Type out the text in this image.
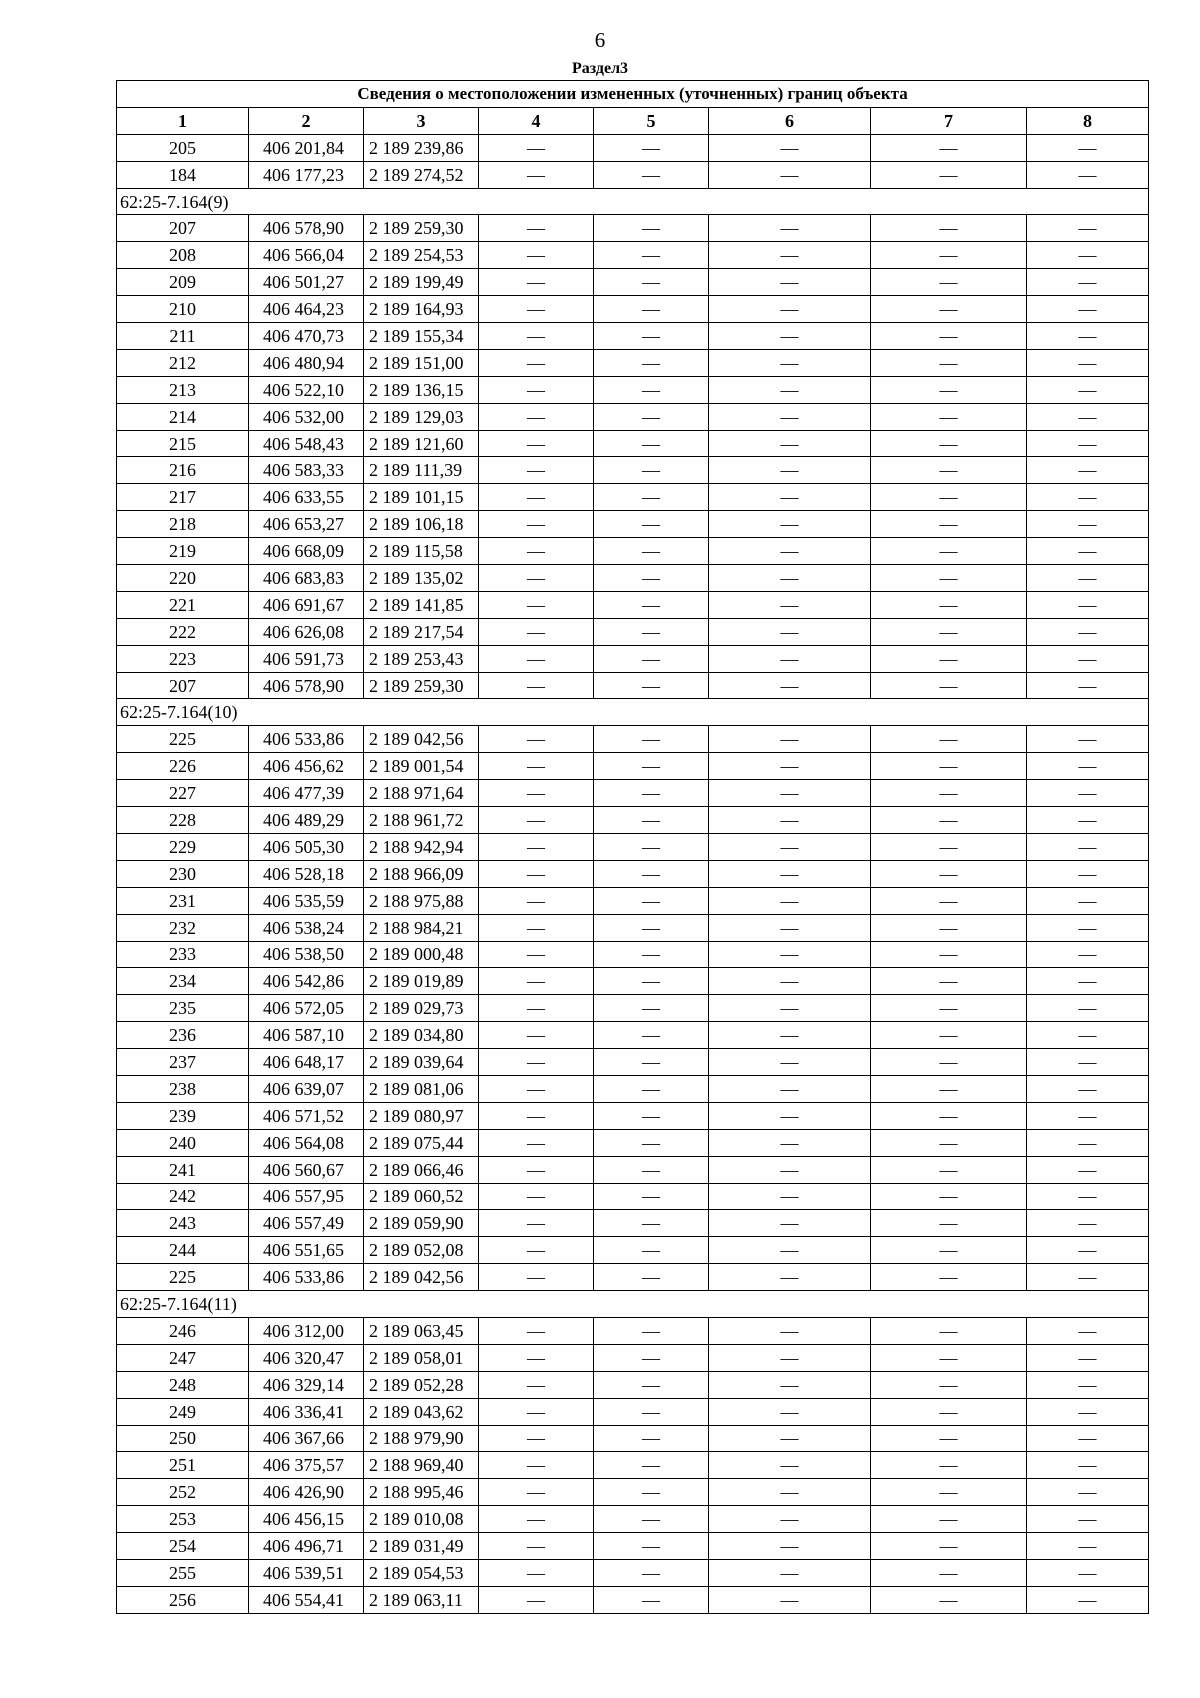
6
Раздел3
Сведения о местоположении измененных (уточненных) границ объекта							
1	2	3	4	5	6	7	8
205	406 201,84	2 189 239,86	—	—	—	—	—
184	406 177,23	2 189 274,52	—	—	—	—	—
62:25-7.164(9)							
207	406 578,90	2 189 259,30	—	—	—	—	—
208	406 566,04	2 189 254,53	—	—	—	—	—
209	406 501,27	2 189 199,49	—	—	—	—	—
210	406 464,23	2 189 164,93	—	—	—	—	—
211	406 470,73	2 189 155,34	—	—	—	—	—
212	406 480,94	2 189 151,00	—	—	—	—	—
213	406 522,10	2 189 136,15	—	—	—	—	—
214	406 532,00	2 189 129,03	—	—	—	—	—
215	406 548,43	2 189 121,60	—	—	—	—	—
216	406 583,33	2 189 111,39	—	—	—	—	—
217	406 633,55	2 189 101,15	—	—	—	—	—
218	406 653,27	2 189 106,18	—	—	—	—	—
219	406 668,09	2 189 115,58	—	—	—	—	—
220	406 683,83	2 189 135,02	—	—	—	—	—
221	406 691,67	2 189 141,85	—	—	—	—	—
222	406 626,08	2 189 217,54	—	—	—	—	—
223	406 591,73	2 189 253,43	—	—	—	—	—
207	406 578,90	2 189 259,30	—	—	—	—	—
62:25-7.164(10)							
225	406 533,86	2 189 042,56	—	—	—	—	—
226	406 456,62	2 189 001,54	—	—	—	—	—
227	406 477,39	2 188 971,64	—	—	—	—	—
228	406 489,29	2 188 961,72	—	—	—	—	—
229	406 505,30	2 188 942,94	—	—	—	—	—
230	406 528,18	2 188 966,09	—	—	—	—	—
231	406 535,59	2 188 975,88	—	—	—	—	—
232	406 538,24	2 188 984,21	—	—	—	—	—
233	406 538,50	2 189 000,48	—	—	—	—	—
234	406 542,86	2 189 019,89	—	—	—	—	—
235	406 572,05	2 189 029,73	—	—	—	—	—
236	406 587,10	2 189 034,80	—	—	—	—	—
237	406 648,17	2 189 039,64	—	—	—	—	—
238	406 639,07	2 189 081,06	—	—	—	—	—
239	406 571,52	2 189 080,97	—	—	—	—	—
240	406 564,08	2 189 075,44	—	—	—	—	—
241	406 560,67	2 189 066,46	—	—	—	—	—
242	406 557,95	2 189 060,52	—	—	—	—	—
243	406 557,49	2 189 059,90	—	—	—	—	—
244	406 551,65	2 189 052,08	—	—	—	—	—
225	406 533,86	2 189 042,56	—	—	—	—	—
62:25-7.164(11)							
246	406 312,00	2 189 063,45	—	—	—	—	—
247	406 320,47	2 189 058,01	—	—	—	—	—
248	406 329,14	2 189 052,28	—	—	—	—	—
249	406 336,41	2 189 043,62	—	—	—	—	—
250	406 367,66	2 188 979,90	—	—	—	—	—
251	406 375,57	2 188 969,40	—	—	—	—	—
252	406 426,90	2 188 995,46	—	—	—	—	—
253	406 456,15	2 189 010,08	—	—	—	—	—
254	406 496,71	2 189 031,49	—	—	—	—	—
255	406 539,51	2 189 054,53	—	—	—	—	—
256	406 554,41	2 189 063,11	—	—	—	—	—
